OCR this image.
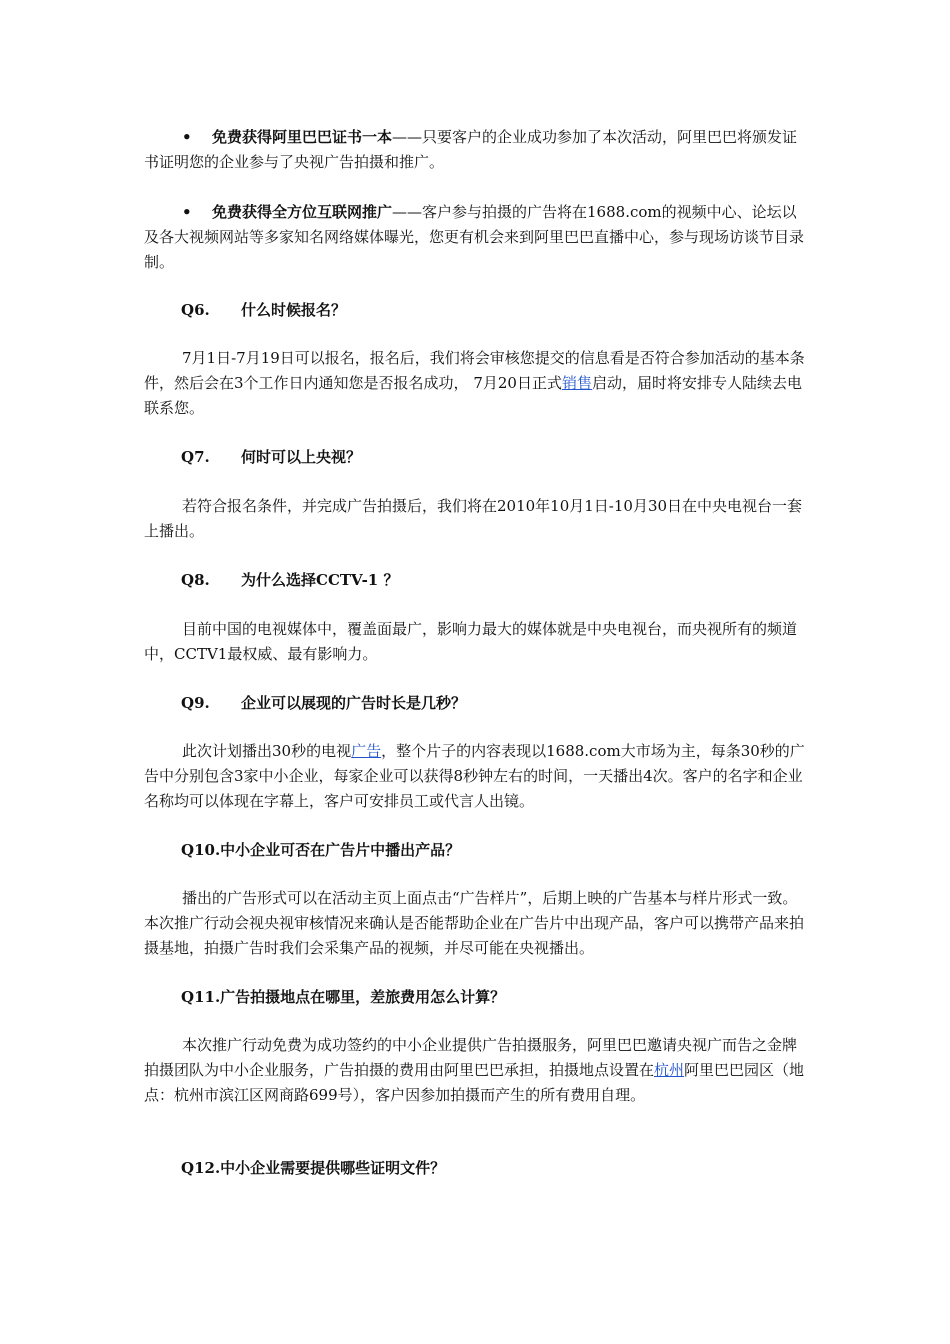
• 免费获得阿里巴巴证书一本——只要客户的企业成功参加了本次活动，阿里巴巴将颁发证书证明您的企业参与了央视广告拍摄和推广。

• 免费获得全方位互联网推广——客户参与拍摄的广告将在1688.com的视频中心、论坛以及各大视频网站等多家知名网络媒体曝光，您更有机会来到阿里巴巴直播中心，参与现场访谈节目录制。

Q6. 什么时候报名？

7月1日-7月19日可以报名，报名后，我们将会审核您提交的信息看是否符合参加活动的基本条件，然后会在3个工作日内通知您是否报名成功， 7月20日正式销售启动，届时将安排专人陆续去电联系您。

Q7. 何时可以上央视？

若符合报名条件，并完成广告拍摄后，我们将在2010年10月1日-10月30日在中央电视台一套上播出。

Q8. 为什么选择CCTV-1 ？

目前中国的电视媒体中，覆盖面最广，影响力最大的媒体就是中央电视台，而央视所有的频道中，CCTV1最权威、最有影响力。

Q9. 企业可以展现的广告时长是几秒？

此次计划播出30秒的电视广告，整个片子的内容表现以1688.com大市场为主，每条30秒的广告中分别包含3家中小企业，每家企业可以获得8秒钟左右的时间，一天播出4次。客户的名字和企业名称均可以体现在字幕上，客户可安排员工或代言人出镜。

Q10.中小企业可否在广告片中播出产品？

播出的广告形式可以在活动主页上面点击“广告样片”，后期上映的广告基本与样片形式一致。本次推广行动会视央视审核情况来确认是否能帮助企业在广告片中出现产品，客户可以携带产品来拍摄基地，拍摄广告时我们会采集产品的视频，并尽可能在央视播出。

Q11.广告拍摄地点在哪里，差旅费用怎么计算？

本次推广行动免费为成功签约的中小企业提供广告拍摄服务，阿里巴巴邀请央视广而告之金牌拍摄团队为中小企业服务，广告拍摄的费用由阿里巴巴承担，拍摄地点设置在杭州阿里巴巴园区（地点：杭州市滨江区网商路699号），客户因参加拍摄而产生的所有费用自理。

Q12.中小企业需要提供哪些证明文件？
